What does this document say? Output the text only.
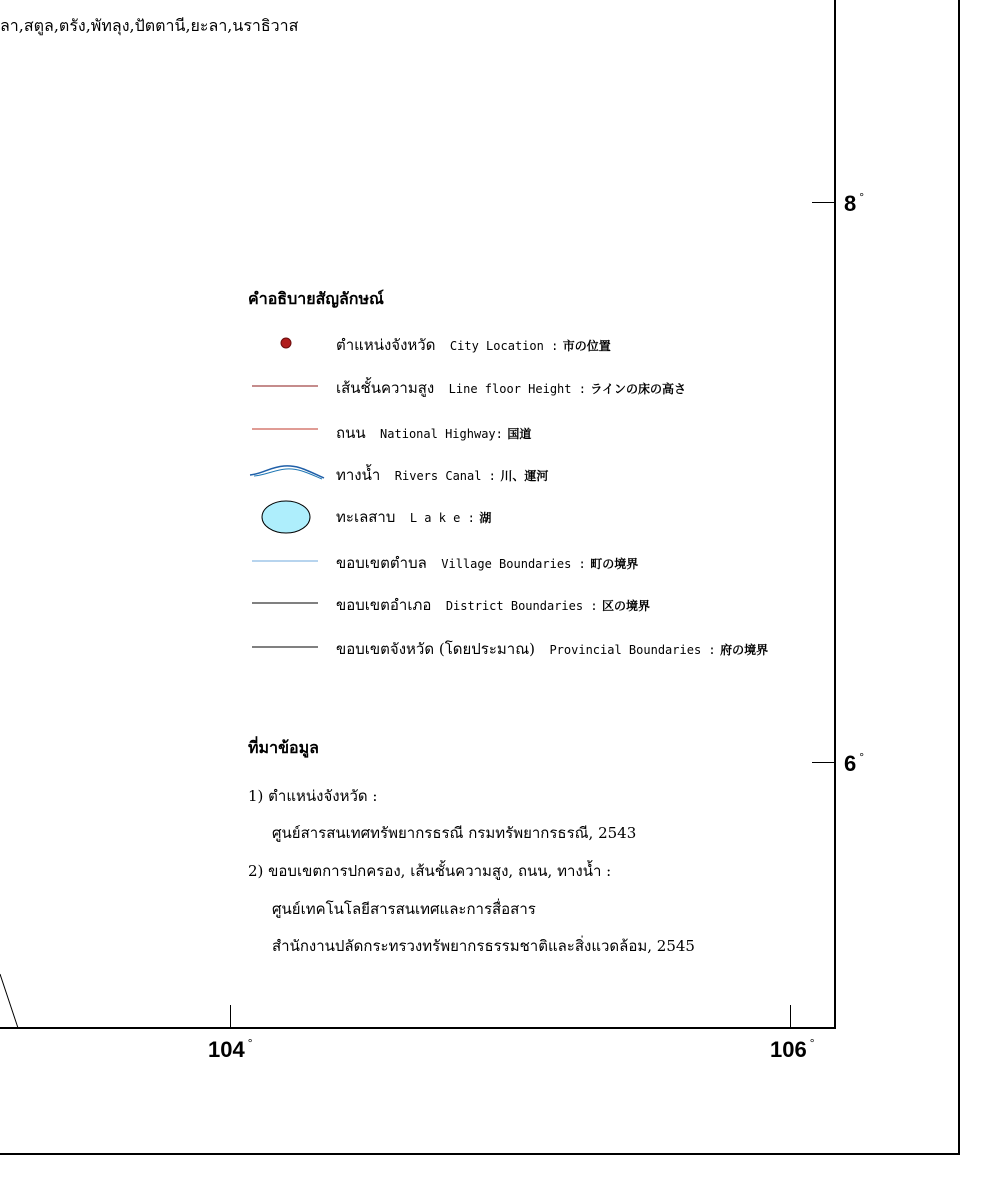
ลา,สตูล,ตรัง,พัทลุง,ปัตตานี,ยะลา,นราธิวาส
8 °
6 °
104 °	106 °
คำอธิบายสัญลักษณ์
ตำแหน่งจังหวัด City Location : 市の位置
เส้นชั้นความสูง Line floor Height : ラインの床の高さ
ถนน National Highway: 国道
ทางน้ำ Rivers Canal : 川、運河
ทะเลสาบ L a k e : 湖
ขอบเขตตำบล Village Boundaries : 町の境界
ขอบเขตอำเภอ District Boundaries : 区の境界
ขอบเขตจังหวัด (โดยประมาณ) Provincial Boundaries : 府の境界
ที่มาข้อมูล
1) ตำแหน่งจังหวัด :
ศูนย์สารสนเทศทรัพยากรธรณี กรมทรัพยากรธรณี, 2543
2) ขอบเขตการปกครอง, เส้นชั้นความสูง, ถนน, ทางน้ำ :
ศูนย์เทคโนโลยีสารสนเทศและการสื่อสาร
สำนักงานปลัดกระทรวงทรัพยากรธรรมชาติและสิ่งแวดล้อม, 2545
